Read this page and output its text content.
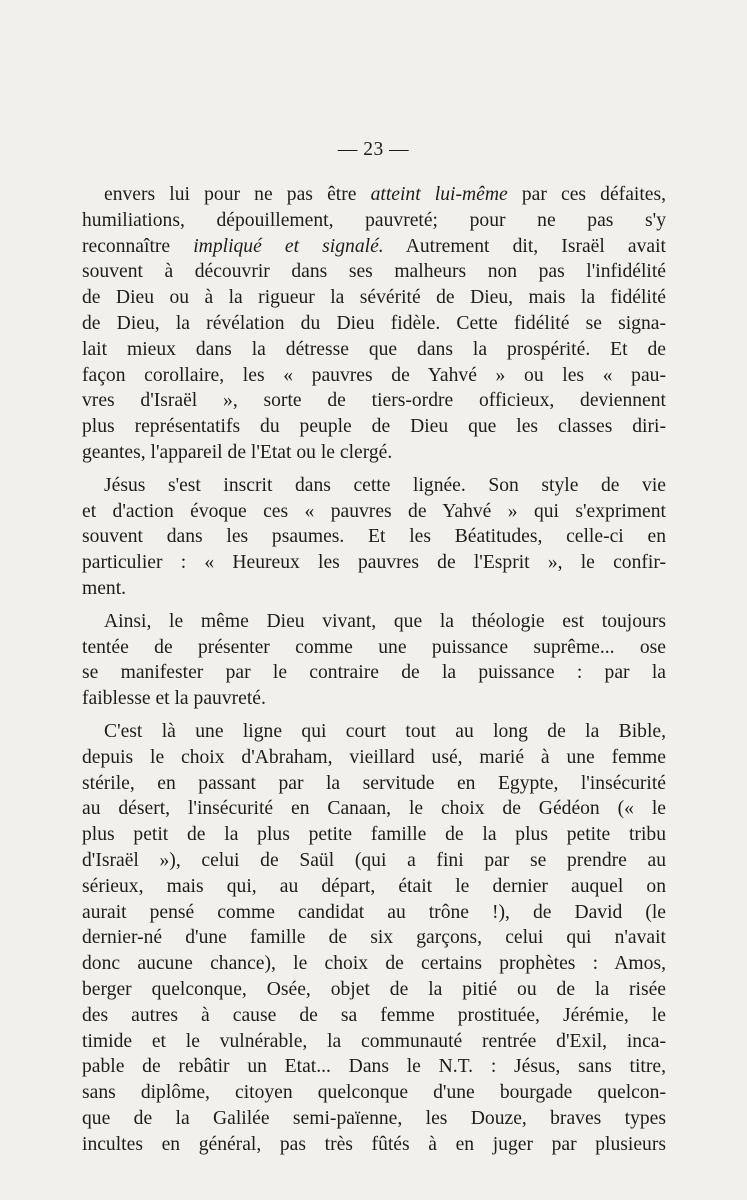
— 23 —
envers lui pour ne pas être atteint lui-même par ces défaites,
humiliations, dépouillement, pauvreté; pour ne pas s'y
reconnaître impliqué et signalé. Autrement dit, Israël avait
souvent à découvrir dans ses malheurs non pas l'infidélité
de Dieu ou à la rigueur la sévérité de Dieu, mais la fidélité
de Dieu, la révélation du Dieu fidèle. Cette fidélité se signa-
lait mieux dans la détresse que dans la prospérité. Et de
façon corollaire, les « pauvres de Yahvé » ou les « pau-
vres d'Israël », sorte de tiers-ordre officieux, deviennent
plus représentatifs du peuple de Dieu que les classes diri-
geantes, l'appareil de l'Etat ou le clergé.
Jésus s'est inscrit dans cette lignée. Son style de vie
et d'action évoque ces « pauvres de Yahvé » qui s'expriment
souvent dans les psaumes. Et les Béatitudes, celle-ci en
particulier : « Heureux les pauvres de l'Esprit », le confir-
ment.
Ainsi, le même Dieu vivant, que la théologie est toujours
tentée de présenter comme une puissance suprême... ose
se manifester par le contraire de la puissance : par la
faiblesse et la pauvreté.
C'est là une ligne qui court tout au long de la Bible,
depuis le choix d'Abraham, vieillard usé, marié à une femme
stérile, en passant par la servitude en Egypte, l'insécurité
au désert, l'insécurité en Canaan, le choix de Gédéon (« le
plus petit de la plus petite famille de la plus petite tribu
d'Israël »), celui de Saül (qui a fini par se prendre au
sérieux, mais qui, au départ, était le dernier auquel on
aurait pensé comme candidat au trône !), de David (le
dernier-né d'une famille de six garçons, celui qui n'avait
donc aucune chance), le choix de certains prophètes : Amos,
berger quelconque, Osée, objet de la pitié ou de la risée
des autres à cause de sa femme prostituée, Jérémie, le
timide et le vulnérable, la communauté rentrée d'Exil, inca-
pable de rebâtir un Etat... Dans le N.T. : Jésus, sans titre,
sans diplôme, citoyen quelconque d'une bourgade quelcon-
que de la Galilée semi-païenne, les Douze, braves types
incultes en général, pas très fûtés à en juger par plusieurs
